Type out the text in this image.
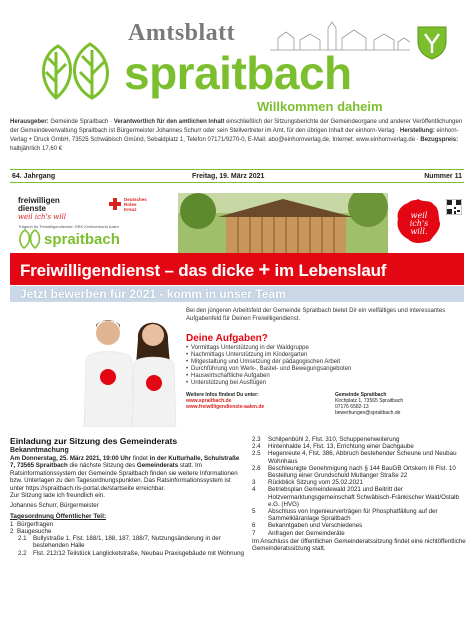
Amtsblatt
spraitbach
Willkommen daheim
Herausgeber: Gemeinde Spraitbach · Verantwortlich für den amtlichen Inhalt einschließlich der Sitzungsberichte der Gemeindeorgane und anderer Veröffentlichungen der Gemeindeverwaltung Spraitbach ist Bürgermeister Johannes Schurr oder sein Stellvertreter im Amt, für den übrigen Inhalt der einhorn-Verlag · Herstellung: einhorn-Verlag + Druck GmbH, 73525 Schwäbisch Gmünd, Sebaldplatz 1, Telefon 07171/9270-0, E-Mail: abo@einhornverlag.de, Internet: www.einhornverlag.de · Bezugspreis: halbjährlich 17,60 €
64. Jahrgang	Freitag, 19. März 2021	Nummer 11
freiwilligen
dienste
weil ich's will
Trägerin für Freiwilligendienste: DRK Kreisverband Aalen
Deutsches
Rotes
Kreuz
weil ich's will.
spraitbach
Freiwilligendienst – das dicke + im Lebenslauf
Jetzt bewerben für 2021 - komm in unser Team
Bei den jüngeren Arbeitsfeld der Gemeinde Spraitbach bietet Dir ein vielfältiges und interessantes Aufgabenfeld für Deinen Freiwilligendienst.
Deine Aufgaben?
• Vormittags Unterstützung in der Waldgruppe
• Nachmittags Unterstützung im Kindergarten
• Mitgestaltung und Umsetzung der pädagogischen Arbeit
• Durchführung von Werk-, Bastel- und Bewegungsangeboten
• Hauswirtschaftliche Aufgaben
• Unterstützung bei Ausflügen
Weitere Infos findest Du unter:
www.spraitbach.de
www.freiwilligendienste-aalen.de
Gemeinde Spraitbach
Kirchplatz 1, 73565 Spraitbach
07176 6582-13
bewerbungen@spraitbach.de
Einladung zur Sitzung des Gemeinderats
Bekanntmachung
Am Donnerstag, 25. März 2021, 19:00 Uhr findet in der Kulturhalle, Schulstraße 7, 73565 Spraitbach die nächste Sitzung des Gemeinderats statt. Im Ratsinformationssystem der Gemeinde Spraitbach finden sie weitere Informationen bzw. Unterlagen zu den Tagesordnungspunkten. Das Ratsinformationssystem ist unter https://spraitbach.ris-portal.de/startseite erreichbar.
Zur Sitzung lade ich freundlich ein.
Johannes Schurr, Bürgermeister
Tagesordnung Öffentlicher Teil:
1 Bürgerfragen
2 Baugesuche
2.1 Bullystraße 1, Flst. 188/1, 188, 187, 188/7, Nutzungsänderung in der bestehenden Halle
2.2 Flst. 212/12 Teilstück Langlicketstraße, Neubau Praxisgebäude mit Wohnung
2.3 Schilpenbühl 2, Flst. 310, Schuppenerweiterung
2.4 Hintenhalde 14, Flst. 13, Errichtung einer Dachgaube
2.5 Hegenreute 4, Flst. 386, Abbruch bestehender Scheune und Neubau Wohnhaus
2.6 Beschleunigte Genehmigung nach § 144 BauGB Ortskern III Flst. 10 Bestellung einer Grundschuld Mutlanger Straße 22
3 Rückblick Sitzung vom 25.02.2021
4 Betriebsplan Gemeindewald 2021 und Beitritt der Holzvermarktungsgemeinschaft Schwäbisch-Fränkischer Wald/Ostalb e.G. (HVG)
5 Abschluss von Ingenieurverträgen für Phosphatfällung auf der Sammelkläranlage Spraitbach
6 Bekanntgaben und Verschiedenes
7 Anfragen der Gemeinderäte
Im Anschluss der öffentlichen Gemeinderatssitzung findet eine nichtöffentliche Gemeinderatssitzung statt.
